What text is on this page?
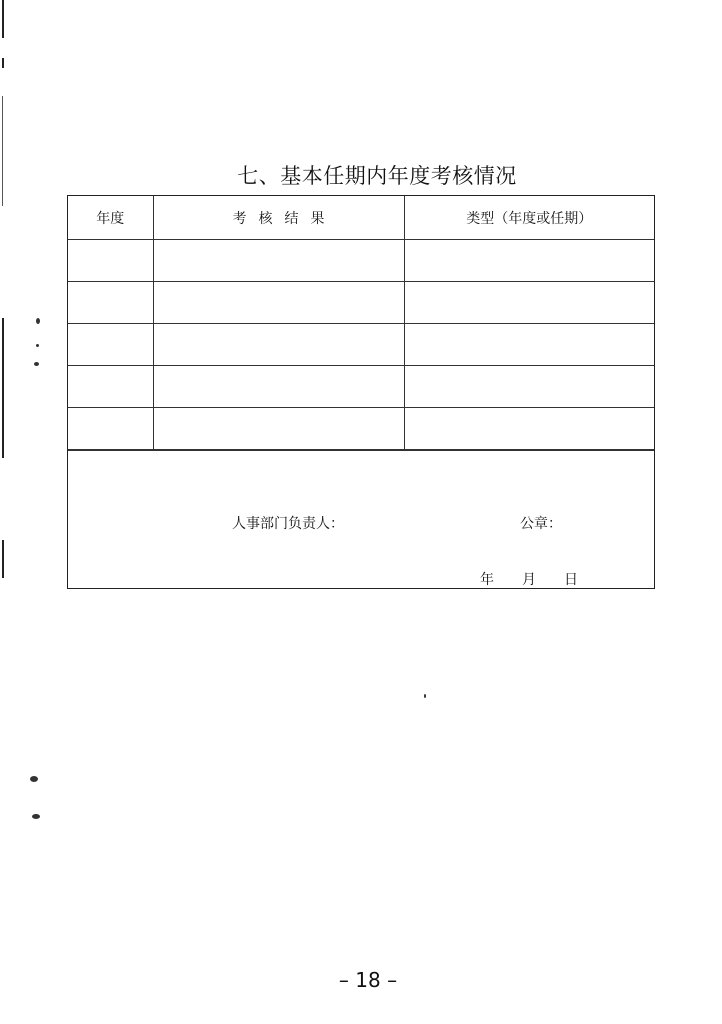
七、基本任期内年度考核情况
年度	考核结果	类型（年度或任期）

人事部门负责人：	公章：
年 月 日
– 18 –
